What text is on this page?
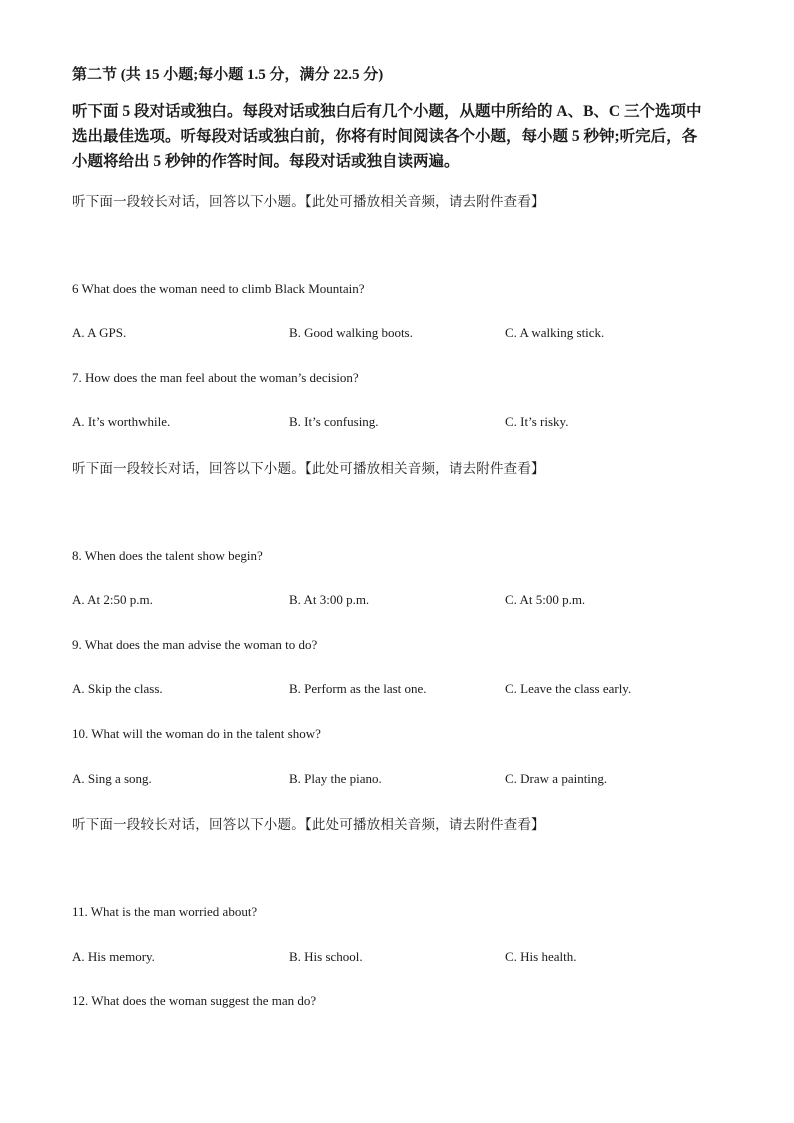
第二节 (共 15 小题;每小题 1.5 分，满分 22.5 分)
听下面 5 段对话或独白。每段对话或独白后有几个小题，从题中所给的 A、B、C 三个选项中
选出最佳选项。听每段对话或独白前，你将有时间阅读各个小题，每小题 5 秒钟;听完后，各
小题将给出 5 秒钟的作答时间。每段对话或独自读两遍。
听下面一段较长对话，回答以下小题。【此处可播放相关音频，请去附件查看】
6 What does the woman need to climb Black Mountain?
A. A GPS.	B. Good walking boots.	C. A walking stick.
7. How does the man feel about the woman’s decision?
A. It’s worthwhile.	B. It’s confusing.	C. It’s risky.
听下面一段较长对话，回答以下小题。【此处可播放相关音频，请去附件查看】
8. When does the talent show begin?
A. At 2:50 p.m.	B. At 3:00 p.m.	C. At 5:00 p.m.
9. What does the man advise the woman to do?
A. Skip the class.	B. Perform as the last one.	C. Leave the class early.
10. What will the woman do in the talent show?
A. Sing a song.	B. Play the piano.	C. Draw a painting.
听下面一段较长对话，回答以下小题。【此处可播放相关音频，请去附件查看】
11. What is the man worried about?
A. His memory.	B. His school.	C. His health.
12. What does the woman suggest the man do?
